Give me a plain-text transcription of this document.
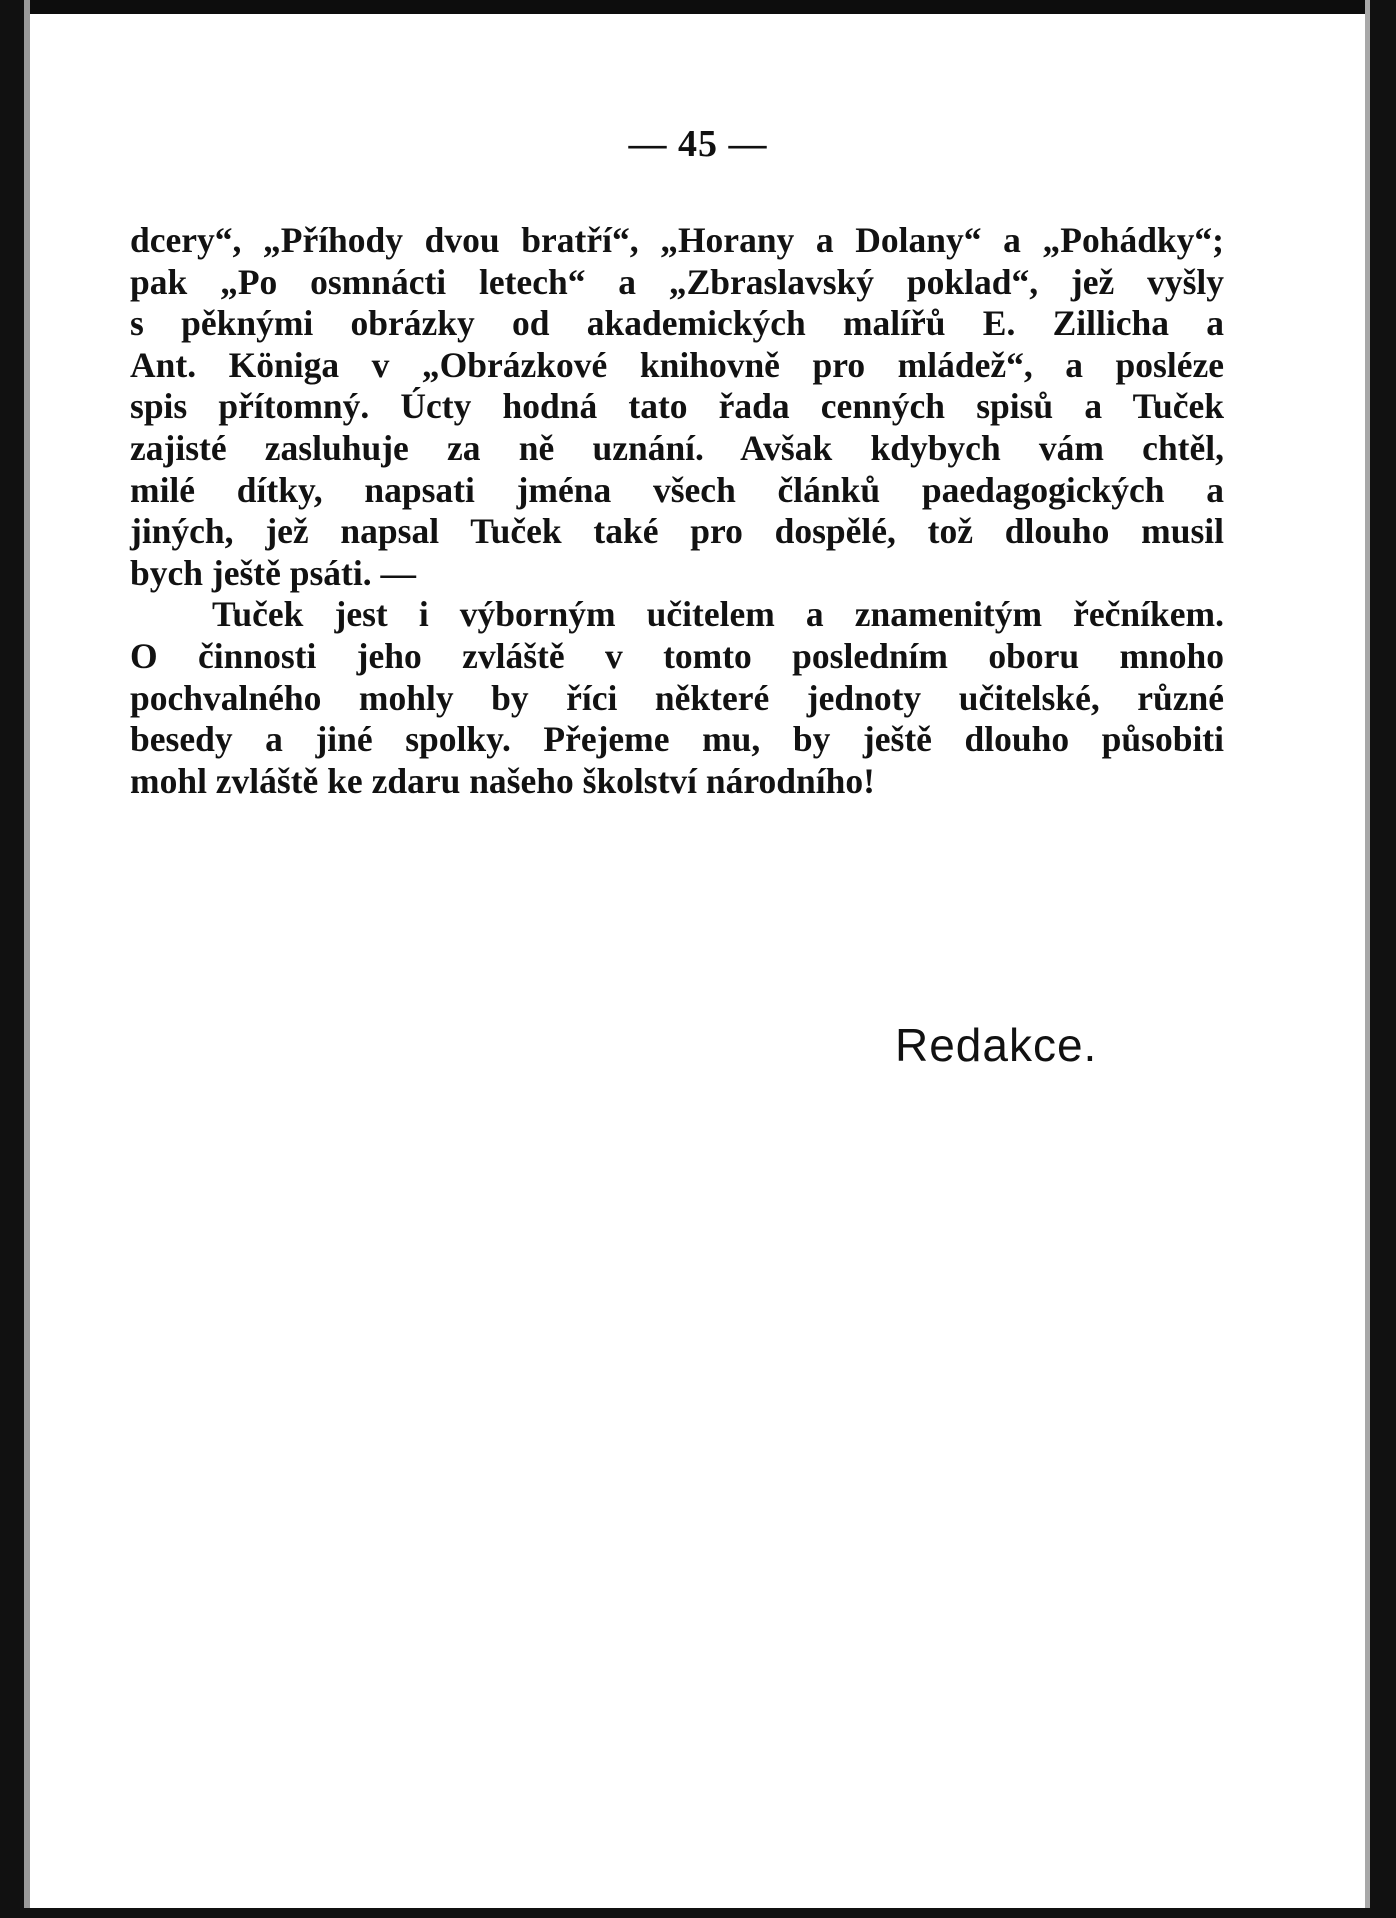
— 45 —
dcery“, „Příhody dvou bratří“, „Horany a Dolany“ a „Pohádky“;
pak „Po osmnácti letech“ a „Zbraslavský poklad“, jež vyšly
s pěknými obrázky od akademických malířů E. Zillicha a
Ant. Königa v „Obrázkové knihovně pro mládež“, a posléze
spis přítomný. Úcty hodná tato řada cenných spisů a Tuček
zajisté zasluhuje za ně uznání. Avšak kdybych vám chtěl,
milé dítky, napsati jména všech článků paedagogických a
jiných, jež napsal Tuček také pro dospělé, tož dlouho musil
bych ještě psáti. —
Tuček jest i výborným učitelem a znamenitým řečníkem.
O činnosti jeho zvláště v tomto posledním oboru mnoho
pochvalného mohly by říci některé jednoty učitelské, různé
besedy a jiné spolky. Přejeme mu, by ještě dlouho působiti
mohl zvláště ke zdaru našeho školství národního!
Redakce.
